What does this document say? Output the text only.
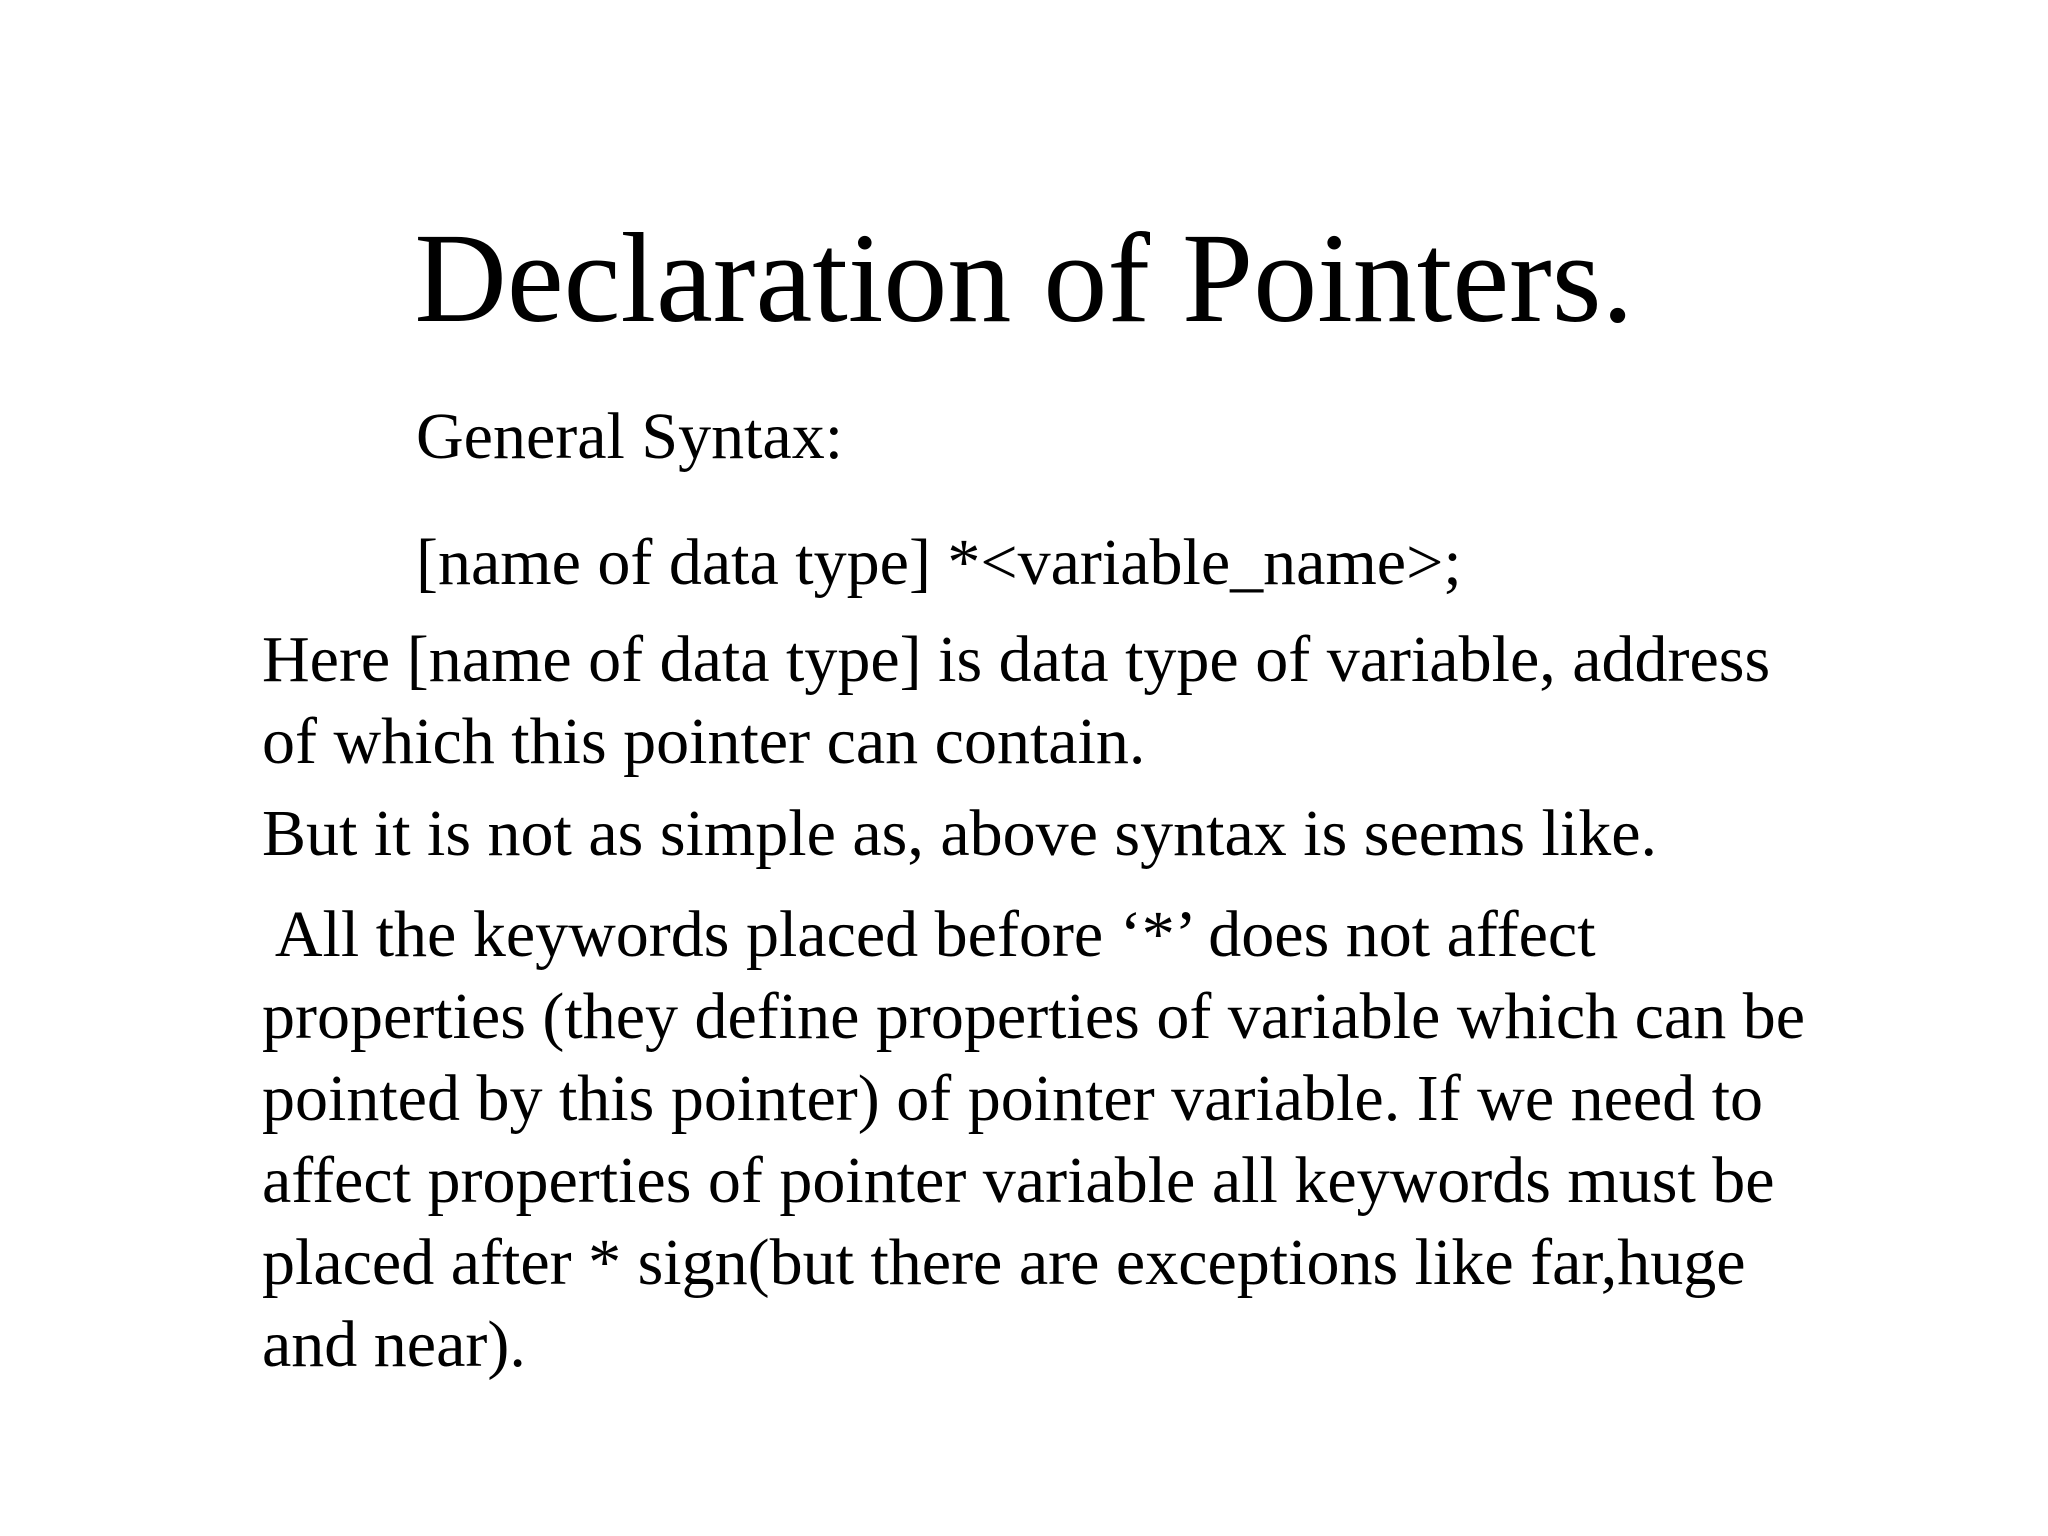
Declaration of Pointers.
General Syntax:
[name of data type] *<variable_name>;
Here [name of data type] is data type of variable, address
of which this pointer can contain.
But it is not as simple as, above syntax is seems like.
All the keywords placed before ‘*’ does not affect
properties (they define properties of variable which can be
pointed by this pointer) of pointer variable. If we need to
affect properties of pointer variable all keywords must be
placed after * sign(but there are exceptions like far,huge
and near).
